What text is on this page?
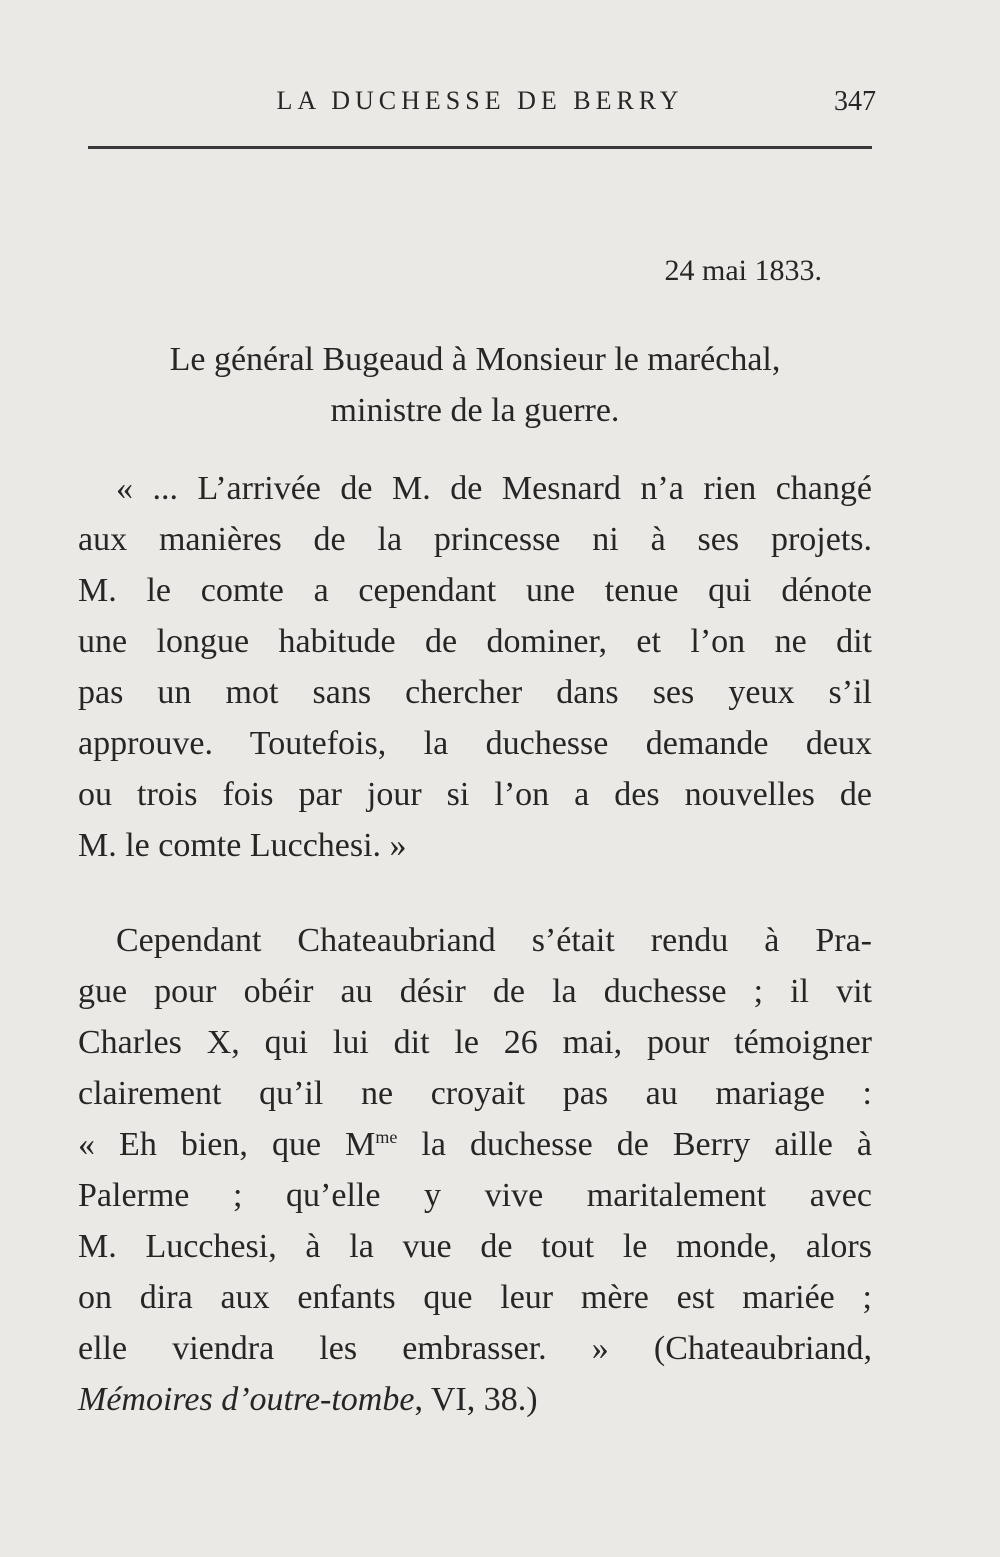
LA DUCHESSE DE BERRY	347
24 mai 1833.
Le général Bugeaud à Monsieur le maréchal,
ministre de la guerre.
« ... L’arrivée de M. de Mesnard n’a rien changé
aux manières de la princesse ni à ses projets.
M. le comte a cependant une tenue qui dénote
une longue habitude de dominer, et l’on ne dit
pas un mot sans chercher dans ses yeux s’il
approuve. Toutefois, la duchesse demande deux
ou trois fois par jour si l’on a des nouvelles de
M. le comte Lucchesi. »
Cependant Chateaubriand s’était rendu à Pra-
gue pour obéir au désir de la duchesse ; il vit
Charles X, qui lui dit le 26 mai, pour témoigner
clairement qu’il ne croyait pas au mariage :
« Eh bien, que $M^{me}$ la duchesse de Berry aille à
Palerme ; qu’elle y vive maritalement avec
M. Lucchesi, à la vue de tout le monde, alors
on dira aux enfants que leur mère est mariée ;
elle viendra les embrasser. » (Chateaubriand,
Mémoires d’outre-tombe, VI, 38.)
